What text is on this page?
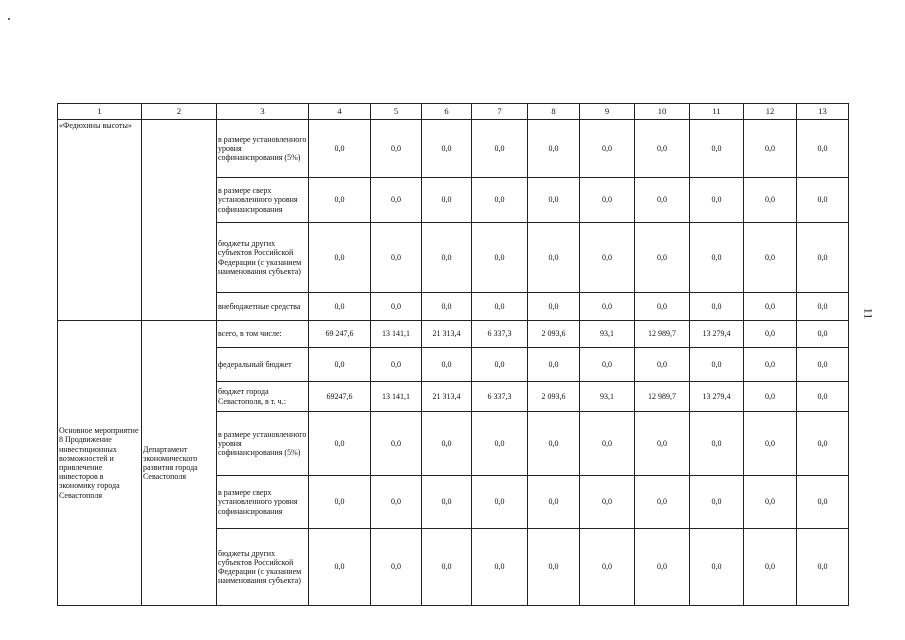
11
1	2	3	4	5	6	7	8	9	10	11	12	13
«Федюхины высоты»		в размере установленного уровня софинансирования (5%)	0,0	0,0	0,0	0,0	0,0	0,0	0,0	0,0	0,0	0,0
		в размере сверх установленного уровня софинансирования	0,0	0,0	0,0	0,0	0,0	0,0	0,0	0,0	0,0	0,0
		бюджеты других субъектов Российской Федерации (с указанием наименования субъекта)	0,0	0,0	0,0	0,0	0,0	0,0	0,0	0,0	0,0	0,0
		внебюджетные средства	0,0	0,0	0,0	0,0	0,0	0,0	0,0	0,0	0,0	0,0
Основное мероприятие 8 Продвижение инвестиционных возможностей и привлечение инвесторов в экономику города Севастополя	Департамент экономического развития города Севастополя	всего, в том числе:	69 247,6	13 141,1	21 313,4	6 337,3	2 093,6	93,1	12 989,7	13 279,4	0,0	0,0
		федеральный бюджет	0,0	0,0	0,0	0,0	0,0	0,0	0,0	0,0	0,0	0,0
		бюджет города Севастополя, в т. ч.:	69247,6	13 141,1	21 313,4	6 337,3	2 093,6	93,1	12 989,7	13 279,4	0,0	0,0
		в размере установленного уровня софинансирования (5%)	0,0	0,0	0,0	0,0	0,0	0,0	0,0	0,0	0,0	0,0
		в размере сверх установленного уровня софинансирования	0,0	0,0	0,0	0,0	0,0	0,0	0,0	0,0	0,0	0,0
		бюджеты других субъектов Российской Федерации (с указанием наименования субъекта)	0,0	0,0	0,0	0,0	0,0	0,0	0,0	0,0	0,0	0,0
